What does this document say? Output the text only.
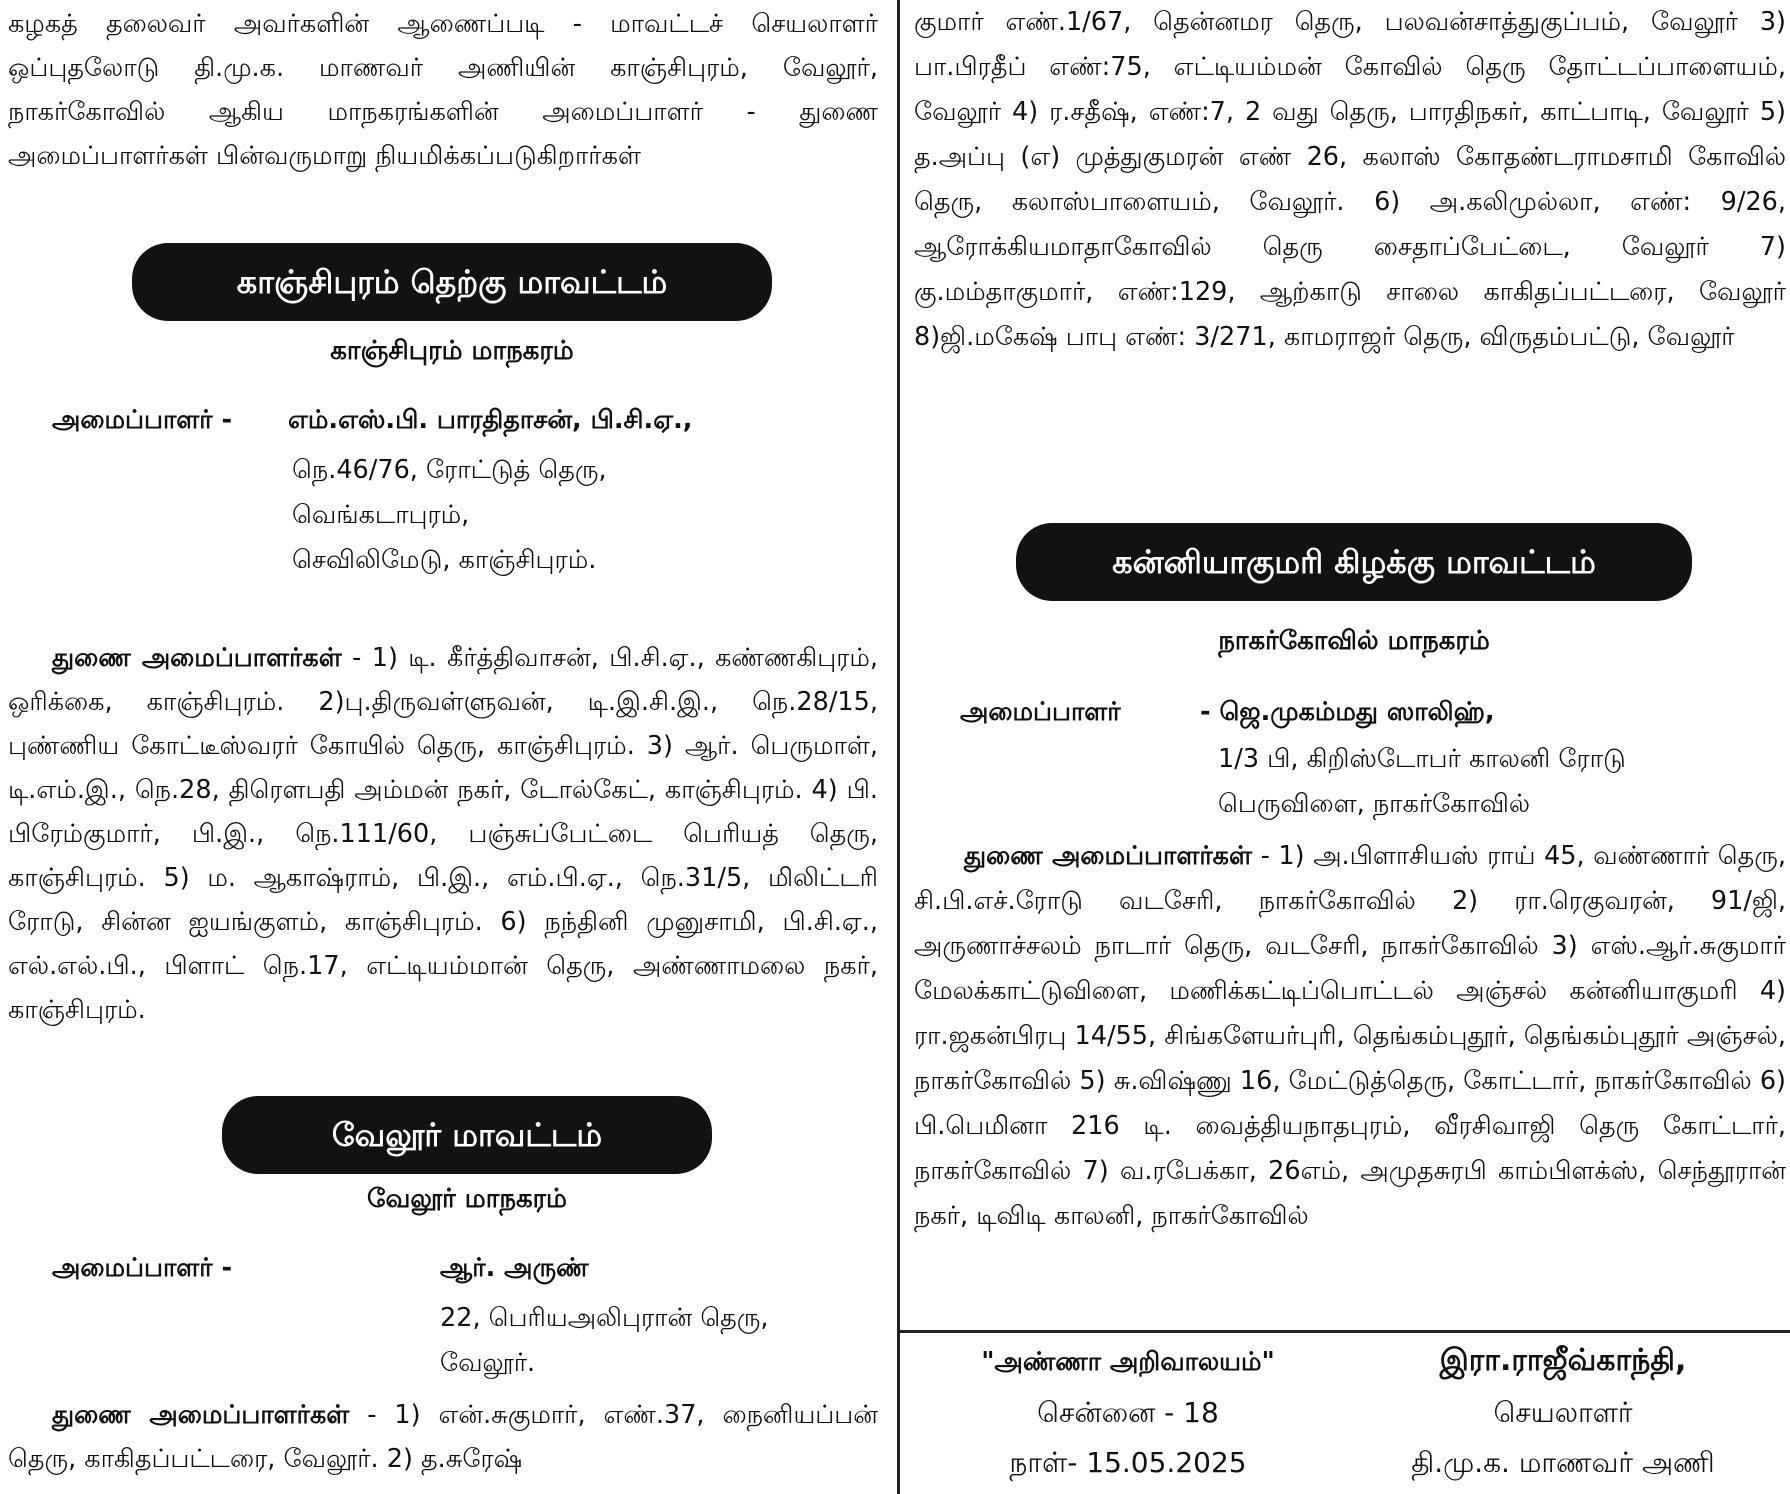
கழகத் தலைவர் அவர்களின் ஆணைப்படி - மாவட்டச் செயலாளர் ஒப்புதலோடு தி.மு.க. மாணவர் அணியின் காஞ்சிபுரம், வேலூர், நாகர்கோவில் ஆகிய மாநகரங்களின் அமைப்பாளர் - துணை அமைப்பாளர்கள் பின்வருமாறு நியமிக்கப்படுகிறார்கள்

காஞ்சிபுரம் தெற்கு மாவட்டம்
காஞ்சிபுரம் மாநகரம்
அமைப்பாளர் - எம்.எஸ்.பி. பாரதிதாசன், பி.சி.ஏ.,
நெ.46/76, ரோட்டுத் தெரு,
வெங்கடாபுரம்,
செவிலிமேடு, காஞ்சிபுரம்.

துணை அமைப்பாளர்கள் - 1) டி. கீர்த்திவாசன், பி.சி.ஏ., கண்ணகிபுரம், ஒரிக்கை, காஞ்சிபுரம். 2)பு.திருவள்ளுவன், டி.இ.சி.இ., நெ.28/15, புண்ணிய கோட்டீஸ்வரர் கோயில் தெரு, காஞ்சிபுரம். 3) ஆர். பெருமாள், டி.எம்.இ., நெ.28, திரௌபதி அம்மன் நகர், டோல்கேட், காஞ்சிபுரம். 4) பி. பிரேம்குமார், பி.இ., நெ.111/60, பஞ்சுப்பேட்டை பெரியத் தெரு, காஞ்சிபுரம். 5) ம. ஆகாஷ்ராம், பி.இ., எம்.பி.ஏ., நெ.31/5, மிலிட்டரி ரோடு, சின்ன ஐயங்குளம், காஞ்சிபுரம். 6) நந்தினி முனுசாமி, பி.சி.ஏ., எல்.எல்.பி., பிளாட் நெ.17, எட்டியம்மான் தெரு, அண்ணாமலை நகர், காஞ்சிபுரம்.

வேலூர் மாவட்டம்
வேலூர் மாநகரம்
அமைப்பாளர் -	ஆர். அருண்
22, பெரியஅலிபுரான் தெரு,
வேலூர்.

துணை அமைப்பாளர்கள் - 1) என்.சுகுமார், எண்.37, நைனியப்பன் தெரு, காகிதப்பட்டரை, வேலூர். 2) த.சுரேஷ்

குமார் எண்.1/67, தென்னமர தெரு, பலவன்சாத்துகுப்பம், வேலூர் 3) பா.பிரதீப் எண்:75, எட்டியம்மன் கோவில் தெரு தோட்டப்பாளையம், வேலூர் 4) ர.சதீஷ், எண்:7, 2 வது தெரு, பாரதிநகர், காட்பாடி, வேலூர் 5) த.அப்பு (எ) முத்துகுமரன் எண் 26, கலாஸ் கோதண்டராமசாமி கோவில் தெரு, கலாஸ்பாளையம், வேலூர். 6) அ.கலிமுல்லா, எண்: 9/26, ஆரோக்கியமாதாகோவில் தெரு சைதாப்பேட்டை, வேலூர் 7) கு.மம்தாகுமார், எண்:129, ஆற்காடு சாலை காகிதப்பட்டரை, வேலூர் 8)ஜி.மகேஷ் பாபு எண்: 3/271, காமராஜர் தெரு, விருதம்பட்டு, வேலூர்

கன்னியாகுமரி கிழக்கு மாவட்டம்
நாகர்கோவில் மாநகரம்
அமைப்பாளர்	- ஜெ.முகம்மது ஸாலிஹ்,
1/3 பி, கிறிஸ்டோபர் காலனி ரோடு
பெருவிளை, நாகர்கோவில்

துணை அமைப்பாளர்கள் - 1) அ.பிளாசியஸ் ராய் 45, வண்ணார் தெரு, சி.பி.எச்.ரோடு வடசேரி, நாகர்கோவில் 2) ரா.ரெகுவரன், 91/ஜி, அருணாச்சலம் நாடார் தெரு, வடசேரி, நாகர்கோவில் 3) எஸ்.ஆர்.சுகுமார் மேலக்காட்டுவிளை, மணிக்கட்டிப்பொட்டல் அஞ்சல் கன்னியாகுமரி 4) ரா.ஜகன்பிரபு 14/55, சிங்களேயர்புரி, தெங்கம்புதூர், தெங்கம்புதூர் அஞ்சல், நாகர்கோவில் 5) சு.விஷ்ணு 16, மேட்டுத்தெரு, கோட்டார், நாகர்கோவில் 6) பி.பெமினா 216 டி. வைத்தியநாதபுரம், வீரசிவாஜி தெரு கோட்டார், நாகர்கோவில் 7) வ.ரபேக்கா, 26எம், அமுதசுரபி காம்பிளக்ஸ், செந்தூரான் நகர், டிவிடி காலனி, நாகர்கோவில்

"அண்ணா அறிவாலயம்"
சென்னை - 18
நாள்- 15.05.2025
இரா.ராஜீவ்காந்தி,
செயலாளர்
தி.மு.க. மாணவர் அணி
